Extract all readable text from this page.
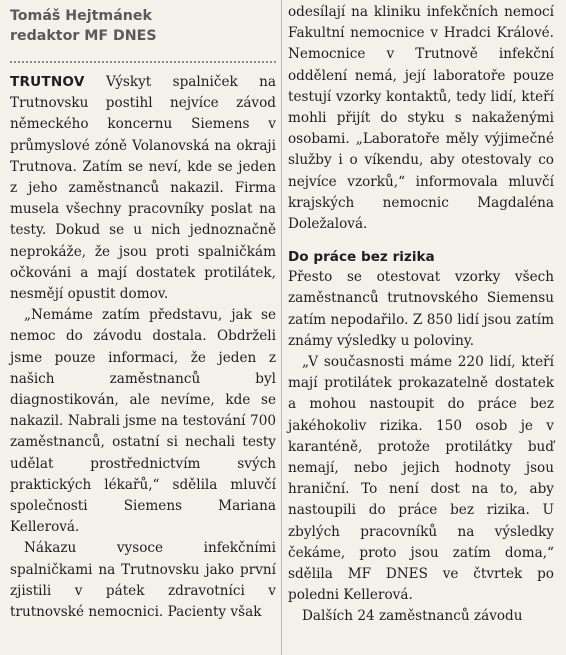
Tomáš Hejtmánek

redaktor MF DNES

TRUTNOV Výskyt spalniček na Trutnovsku postihl nejvíce závod německého koncernu Siemens v průmyslové zóně Volanovská na okraji Trutnova. Zatím se neví, kde se jeden z jeho zaměstnanců nakazil. Firma musela všechny pracovníky poslat na testy. Dokud se u nich jednoznačně neprokáže, že jsou proti spalničkám očkováni a mají dostatek protilátek, nesmějí opustit domov.

„Nemáme zatím představu, jak se nemoc do závodu dostala. Obdrželi jsme pouze informaci, že jeden z našich zaměstnanců byl diagnostikován, ale nevíme, kde se nakazil. Nabrali jsme na testování 700 zaměstnanců, ostatní si nechali testy udělat prostřednictvím svých praktických lékařů,“ sdělila mluvčí společnosti Siemens Mariana Kellerová.

Nákazu vysoce infekčními spalničkami na Trutnovsku jako první zjistili v pátek zdravotníci v trutnovské nemocnici. Pacienty však

odesílají na kliniku infekčních nemocí Fakultní nemocnice v Hradci Králové. Nemocnice v Trutnově infekční oddělení nemá, její laboratoře pouze testují vzorky kontaktů, tedy lidí, kteří mohli přijít do styku s nakaženými osobami. „Laboratoře měly výjimečné služby i o víkendu, aby otestovaly co nejvíce vzorků,“ informovala mluvčí krajských nemocnic Magdaléna Doležalová.

Do práce bez rizika

Přesto se otestovat vzorky všech zaměstnanců trutnovského Siemensu zatím nepodařilo. Z 850 lidí jsou zatím známy výsledky u poloviny.

„V současnosti máme 220 lidí, kteří mají protilátek prokazatelně dostatek a mohou nastoupit do práce bez jakéhokoliv rizika. 150 osob je v karanténě, protože protilátky buď nemají, nebo jejich hodnoty jsou hraniční. To není dost na to, aby nastoupili do práce bez rizika. U zbylých pracovníků na výsledky čekáme, proto jsou zatím doma,“ sdělila MF DNES ve čtvrtek po poledni Kellerová.

Dalších 24 zaměstnanců závodu
